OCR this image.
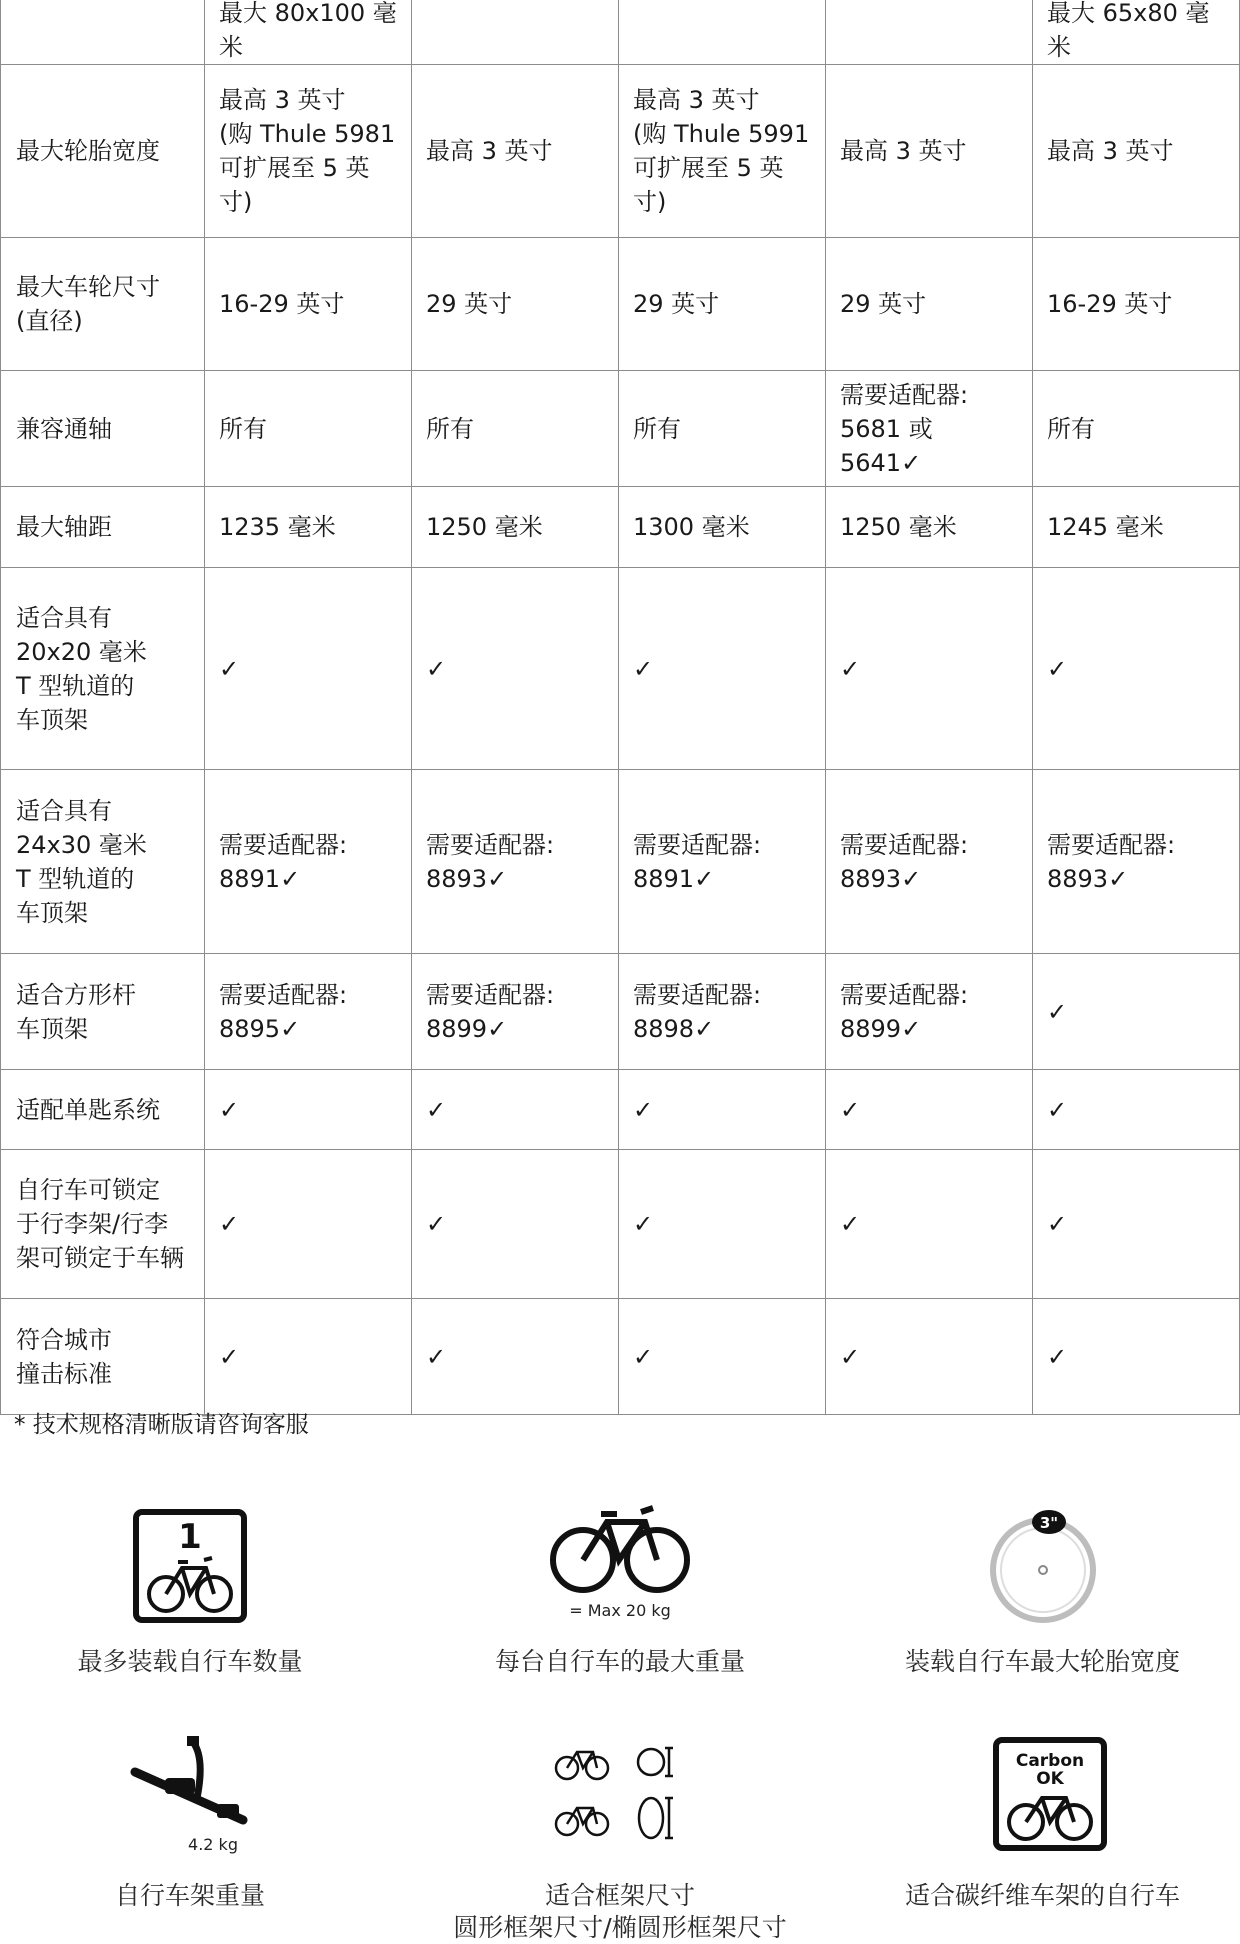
	最大 80x100 毫米				最大 65x80 毫米
最大轮胎宽度	最高 3 英寸
(购 Thule 5981
可扩展至 5 英寸)	最高 3 英寸	最高 3 英寸
(购 Thule 5991
可扩展至 5 英寸)	最高 3 英寸	最高 3 英寸
最大车轮尺寸
(直径)	16-29 英寸	29 英寸	29 英寸	29 英寸	16-29 英寸
兼容通轴	所有	所有	所有	需要适配器:
5681 或 5641✓	所有
最大轴距	1235 毫米	1250 毫米	1300 毫米	1250 毫米	1245 毫米
适合具有
20x20 毫米
T 型轨道的
车顶架	✓	✓	✓	✓	✓
适合具有
24x30 毫米
T 型轨道的
车顶架	需要适配器:
8891✓	需要适配器:
8893✓	需要适配器:
8891✓	需要适配器:
8893✓	需要适配器:
8893✓
适合方形杆
车顶架	需要适配器:
8895✓	需要适配器:
8899✓	需要适配器:
8898✓	需要适配器:
8899✓	✓
适配单匙系统	✓	✓	✓	✓	✓
自行车可锁定
于行李架/行李
架可锁定于车辆	✓	✓	✓	✓	✓
符合城市
撞击标准	✓	✓	✓	✓	✓
* 技术规格清晰版请咨询客服
1
最多装载自行车数量
= Max 20 kg
每台自行车的最大重量
3"
装载自行车最大轮胎宽度
4.2 kg
自行车架重量	适合框架尺寸
圆形框架尺寸/椭圆形框架尺寸
Carbon
OK
适合碳纤维车架的自行车
